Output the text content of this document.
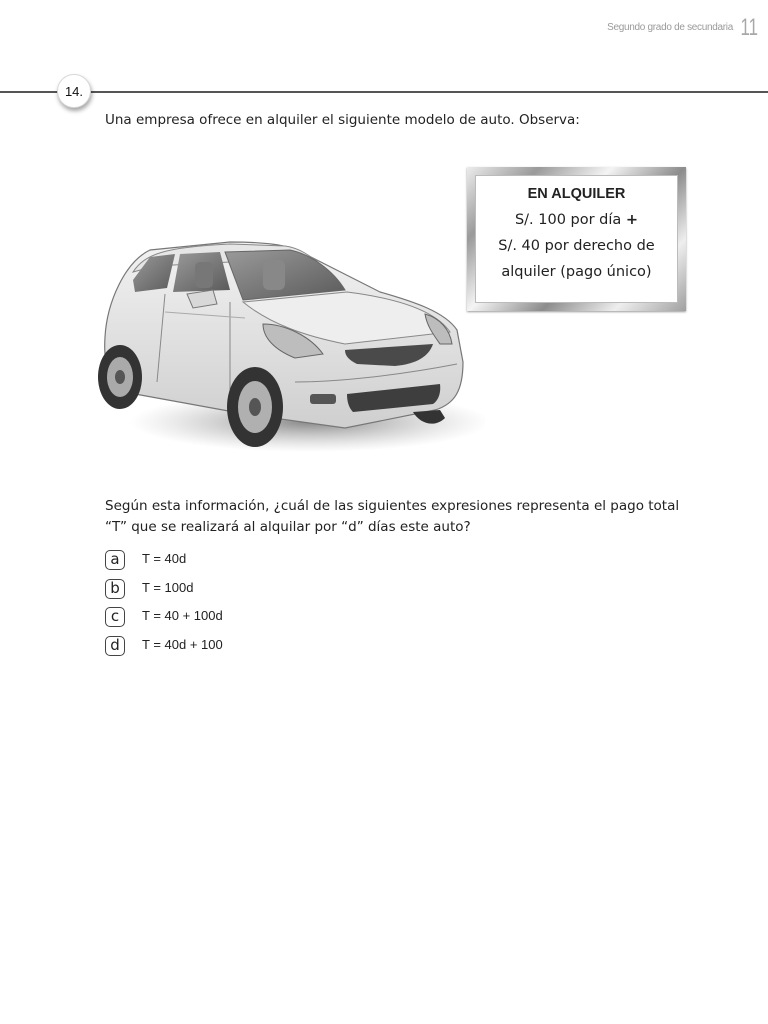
Segundo grado de secundaria 11
14.
Una empresa ofrece en alquiler el siguiente modelo de auto. Observa:
EN ALQUILER
S/. 100 por día +
S/. 40 por derecho de
alquiler (pago único)
Según esta información, ¿cuál de las siguientes expresiones representa el pago total
“T” que se realizará al alquilar por “d” días este auto?
a	T = 40d
b	T = 100d
c	T = 40 + 100d
d	T = 40d + 100
